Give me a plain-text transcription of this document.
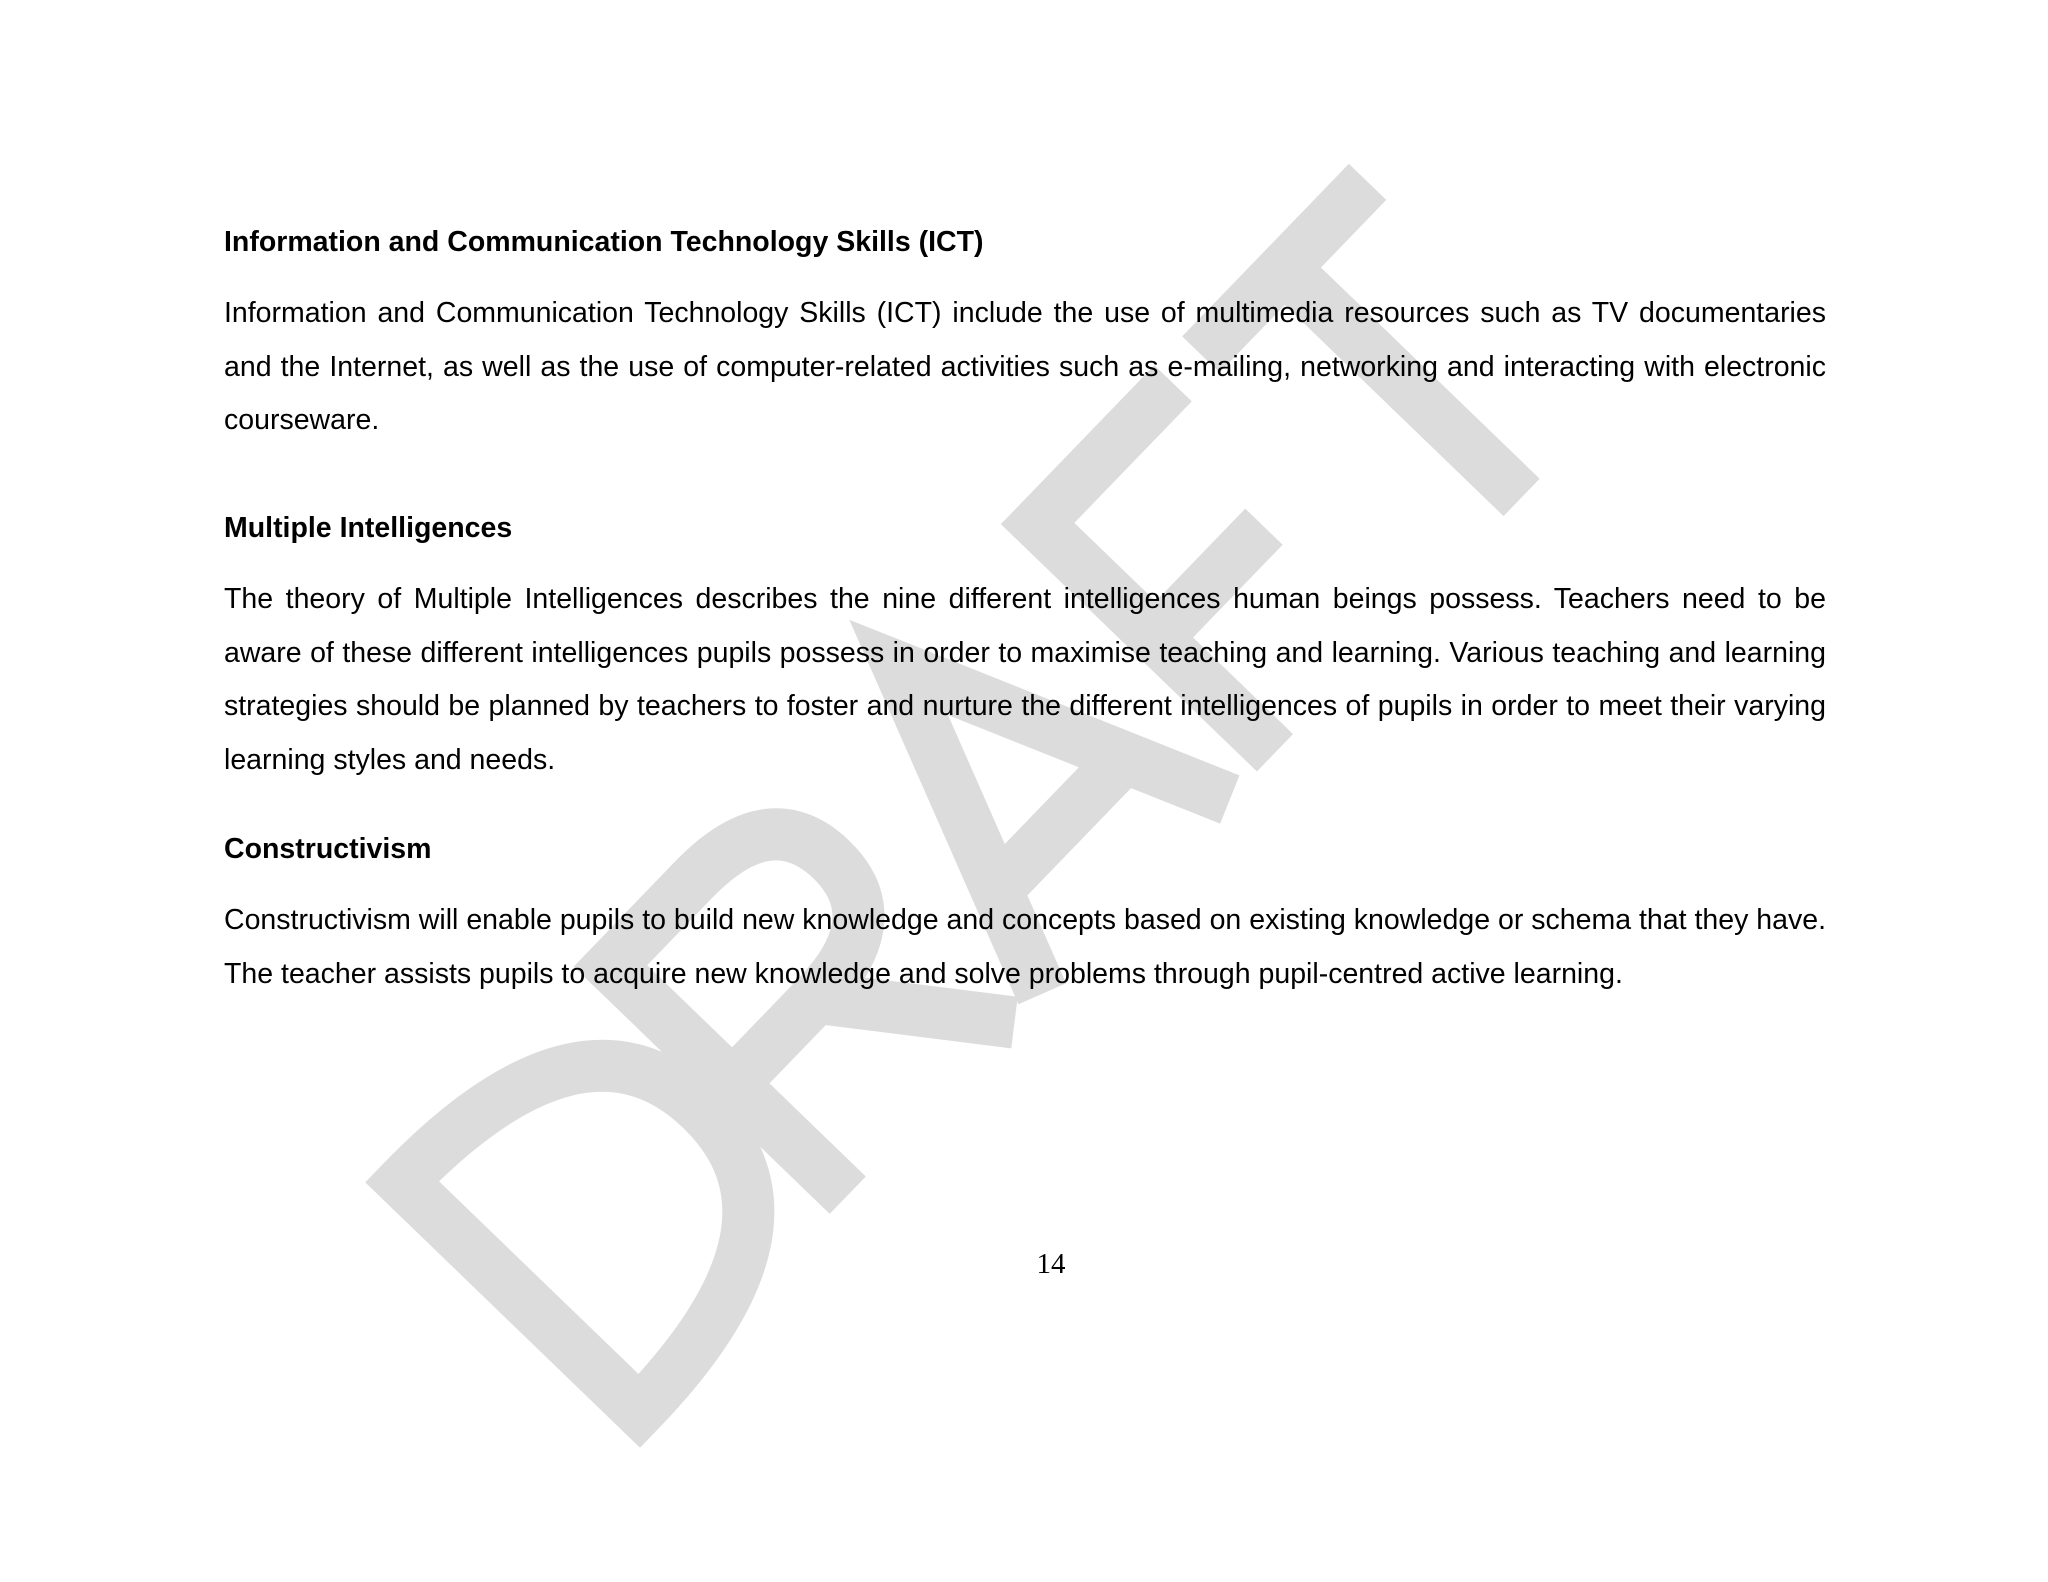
Information and Communication Technology Skills (ICT)
Information and Communication Technology Skills (ICT) include the use of multimedia resources such as TV documentaries and the Internet, as well as the use of computer-related activities such as e-mailing, networking and interacting with electronic courseware.
Multiple Intelligences
The theory of Multiple Intelligences describes the nine different intelligences human beings possess. Teachers need to be aware of these different intelligences pupils possess in order to maximise teaching and learning. Various teaching and learning strategies should be planned by teachers to foster and nurture the different intelligences of pupils in order to meet their varying learning styles and needs.
Constructivism
Constructivism will enable pupils to build new knowledge and concepts based on existing knowledge or schema that they have. The teacher assists pupils to acquire new knowledge and solve problems through pupil-centred active learning.
14
